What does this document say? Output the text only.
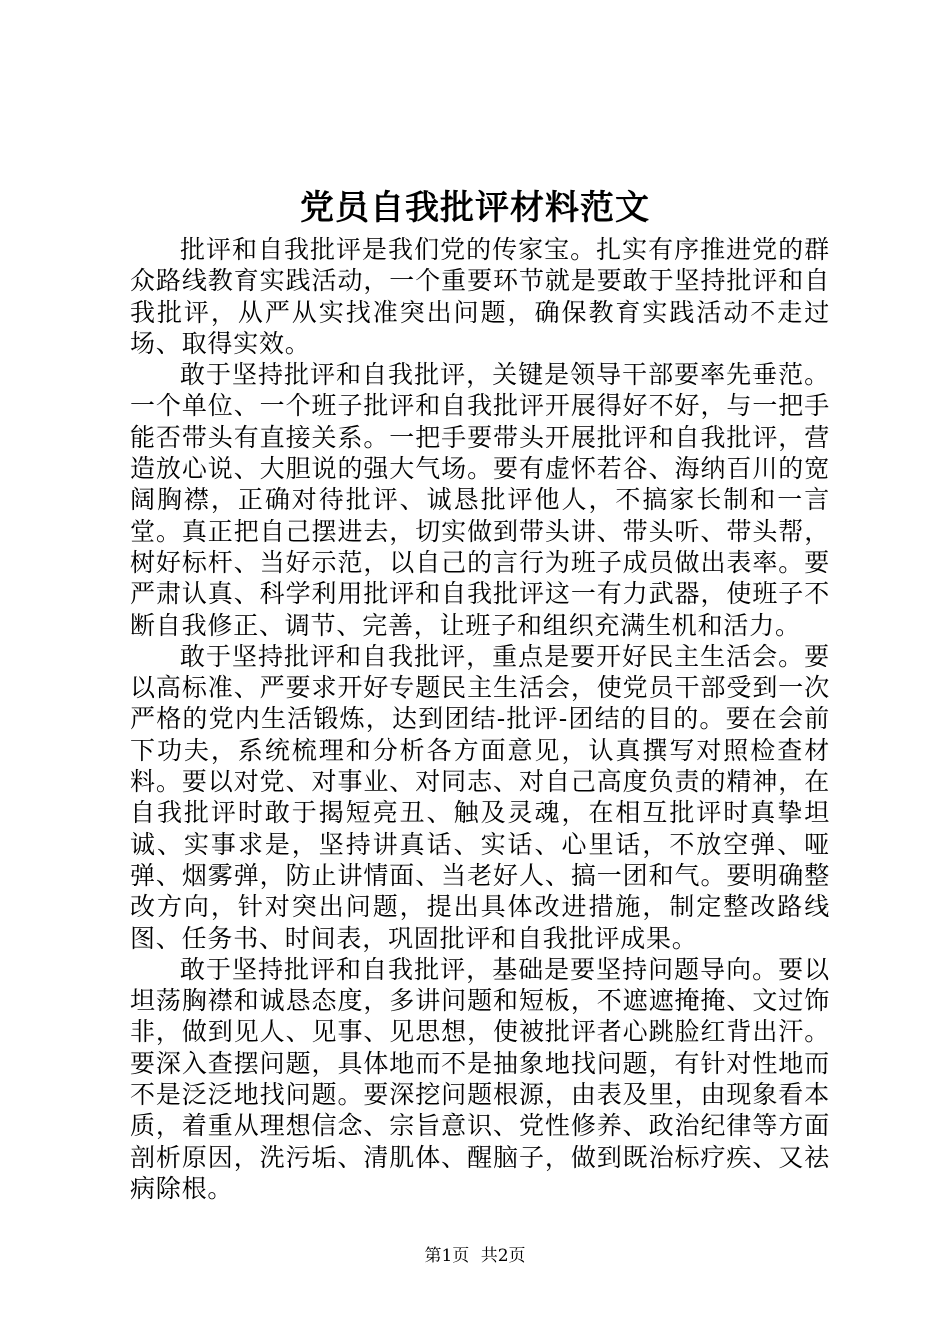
党员自我批评材料范文

批评和自我批评是我们党的传家宝。扎实有序推进党的群众路线教育实践活动，一个重要环节就是要敢于坚持批评和自我批评，从严从实找准突出问题，确保教育实践活动不走过场、取得实效。

敢于坚持批评和自我批评，关键是领导干部要率先垂范。一个单位、一个班子批评和自我批评开展得好不好，与一把手能否带头有直接关系。一把手要带头开展批评和自我批评，营造放心说、大胆说的强大气场。要有虚怀若谷、海纳百川的宽阔胸襟，正确对待批评、诚恳批评他人，不搞家长制和一言堂。真正把自己摆进去，切实做到带头讲、带头听、带头帮，树好标杆、当好示范，以自己的言行为班子成员做出表率。要严肃认真、科学利用批评和自我批评这一有力武器，使班子不断自我修正、调节、完善，让班子和组织充满生机和活力。

敢于坚持批评和自我批评，重点是要开好民主生活会。要以高标准、严要求开好专题民主生活会，使党员干部受到一次严格的党内生活锻炼，达到团结-批评-团结的目的。要在会前下功夫，系统梳理和分析各方面意见，认真撰写对照检查材料。要以对党、对事业、对同志、对自己高度负责的精神，在自我批评时敢于揭短亮丑、触及灵魂，在相互批评时真挚坦诚、实事求是，坚持讲真话、实话、心里话，不放空弹、哑弹、烟雾弹，防止讲情面、当老好人、搞一团和气。要明确整改方向，针对突出问题，提出具体改进措施，制定整改路线图、任务书、时间表，巩固批评和自我批评成果。

敢于坚持批评和自我批评，基础是要坚持问题导向。要以坦荡胸襟和诚恳态度，多讲问题和短板，不遮遮掩掩、文过饰非，做到见人、见事、见思想，使被批评者心跳脸红背出汗。要深入查摆问题，具体地而不是抽象地找问题，有针对性地而不是泛泛地找问题。要深挖问题根源，由表及里，由现象看本质，着重从理想信念、宗旨意识、党性修养、政治纪律等方面剖析原因，洗污垢、清肌体、醒脑子，做到既治标疗疾、又祛病除根。

第1页 共2页
